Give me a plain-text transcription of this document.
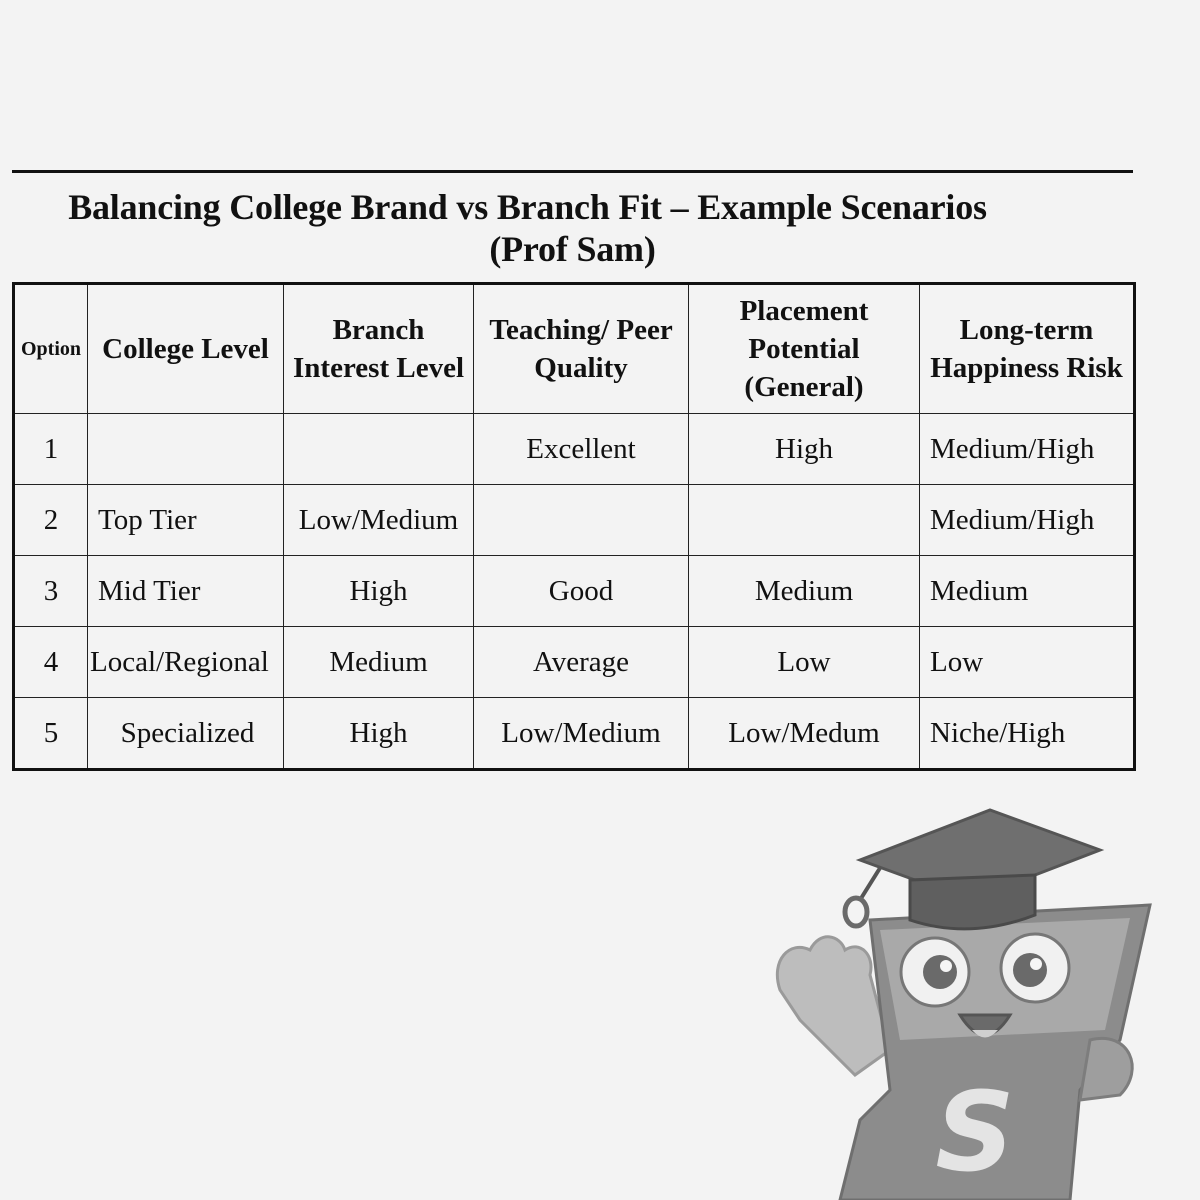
Balancing College Brand vs Branch Fit – Example Scenarios
(Prof Sam)
Option	College Level	Branch Interest Level	Teaching/ Peer Quality	Placement Potential (General)	Long-term Happiness Risk
1			Excellent	High	Medium/High
2	Top Tier	Low/Medium			Medium/High
3	Mid Tier	High	Good	Medium	Medium
4	Local/Regional	Medium	Average	Low	Low
5	Specialized	High	Low/Medium	Low/Medum	Niche/High
S
